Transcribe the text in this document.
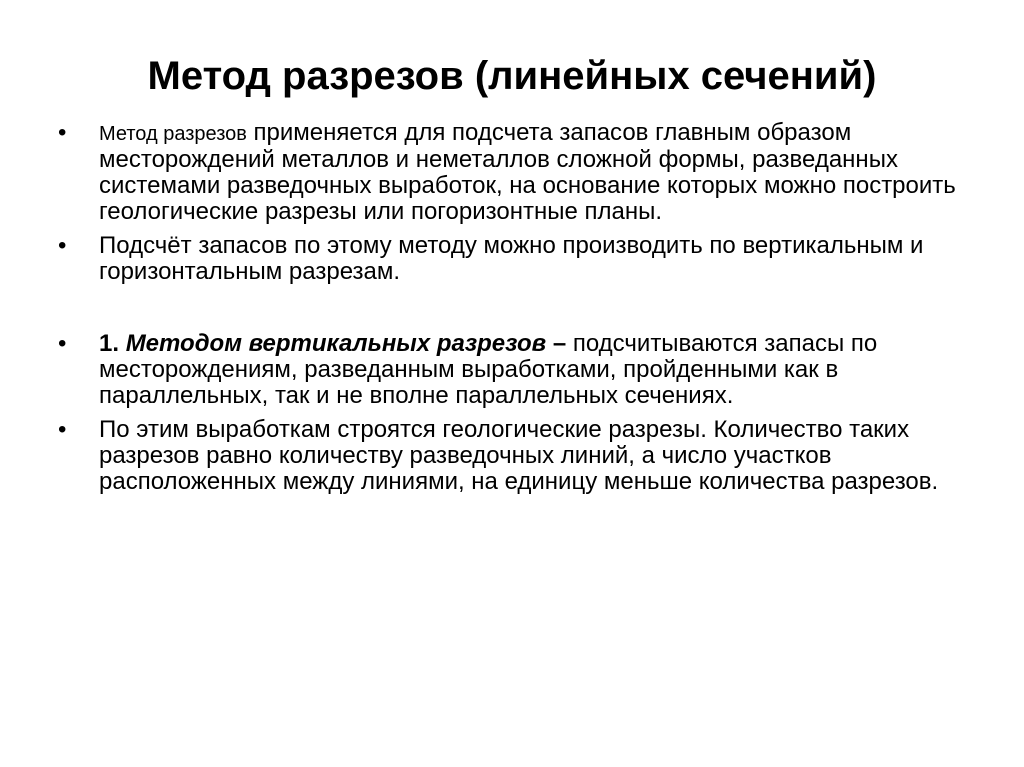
Метод разрезов (линейных сечений)
• Метод разрезов применяется для подсчета запасов главным образом месторождений металлов и неметаллов сложной формы, разведанных системами разведочных выработок, на основание которых можно построить геологические разрезы или погоризонтные планы.
• Подсчёт запасов по этому методу можно производить по вертикальным и горизонтальным разрезам.
• 1. Методом вертикальных разрезов – подсчитываются запасы по месторождениям, разведанным выработками, пройденными как в параллельных, так и не вполне параллельных сечениях.
• По этим выработкам строятся геологические разрезы. Количество таких разрезов равно количеству разведочных линий, а число участков расположенных между линиями, на единицу меньше количества разрезов.
